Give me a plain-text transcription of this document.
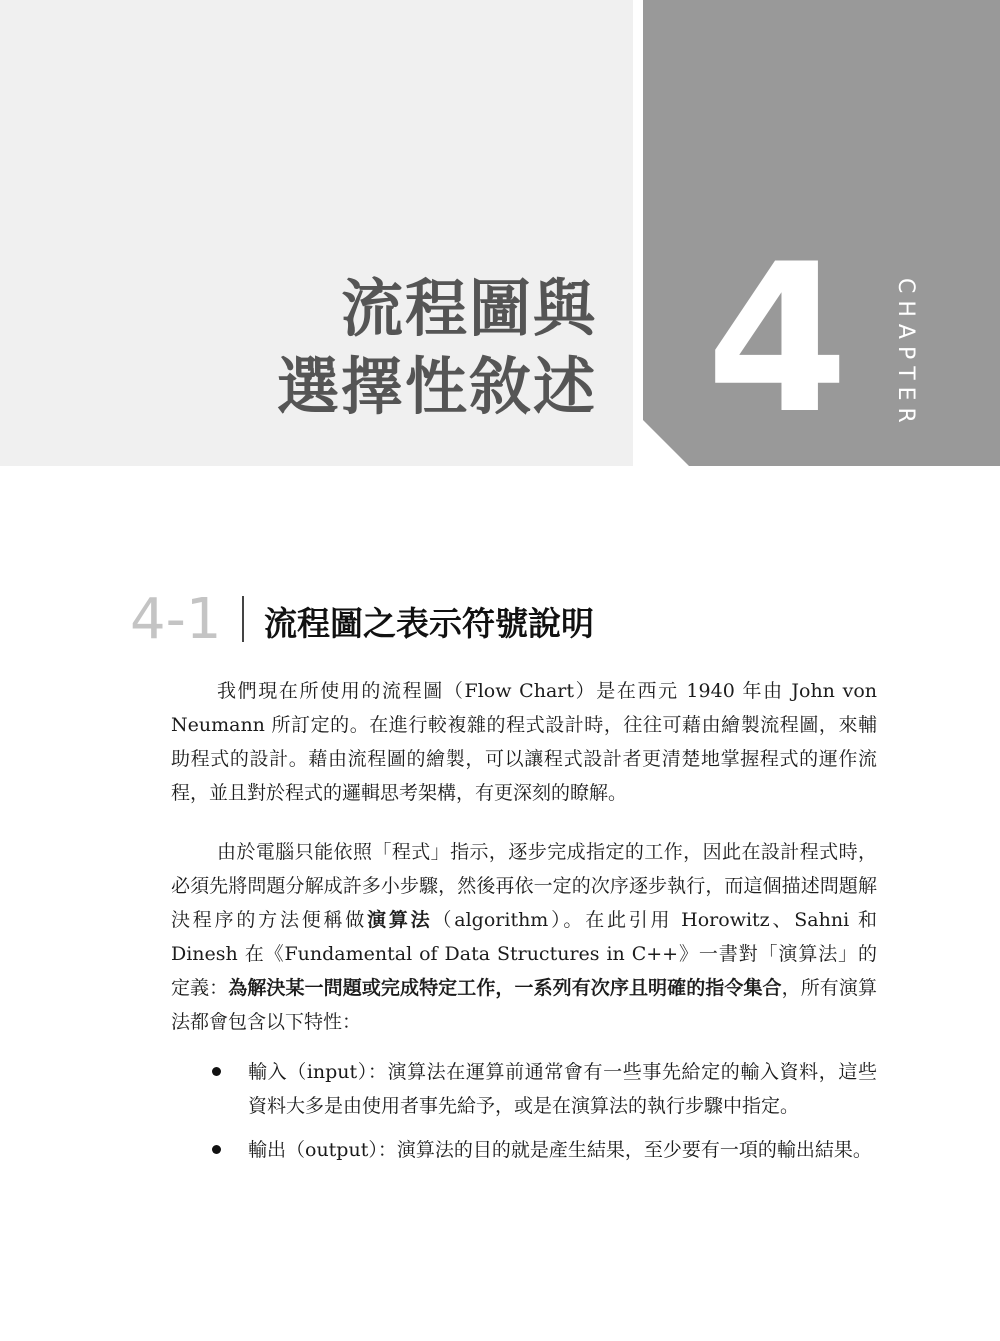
流程圖與
選擇性敘述 4 CHAPTER
4-1 流程圖之表示符號說明

我們現在所使用的流程圖（Flow Chart）是在西元 1940 年由 John von Neumann 所訂定的。在進行較複雜的程式設計時，往往可藉由繪製流程圖，來輔助程式的設計。藉由流程圖的繪製，可以讓程式設計者更清楚地掌握程式的運作流程，並且對於程式的邏輯思考架構，有更深刻的瞭解。

由於電腦只能依照「程式」指示，逐步完成指定的工作，因此在設計程式時，必須先將問題分解成許多小步驟，然後再依一定的次序逐步執行，而這個描述問題解決程序的方法便稱做演算法（algorithm）。在此引用 Horowitz、Sahni 和 Dinesh 在《Fundamental of Data Structures in C++》一書對「演算法」的定義：為解決某一問題或完成特定工作，一系列有次序且明確的指令集合，所有演算法都會包含以下特性：

輸入（input）：演算法在運算前通常會有一些事先給定的輸入資料，這些資料大多是由使用者事先給予，或是在演算法的執行步驟中指定。
輸出（output）：演算法的目的就是產生結果，至少要有一項的輸出結果。
